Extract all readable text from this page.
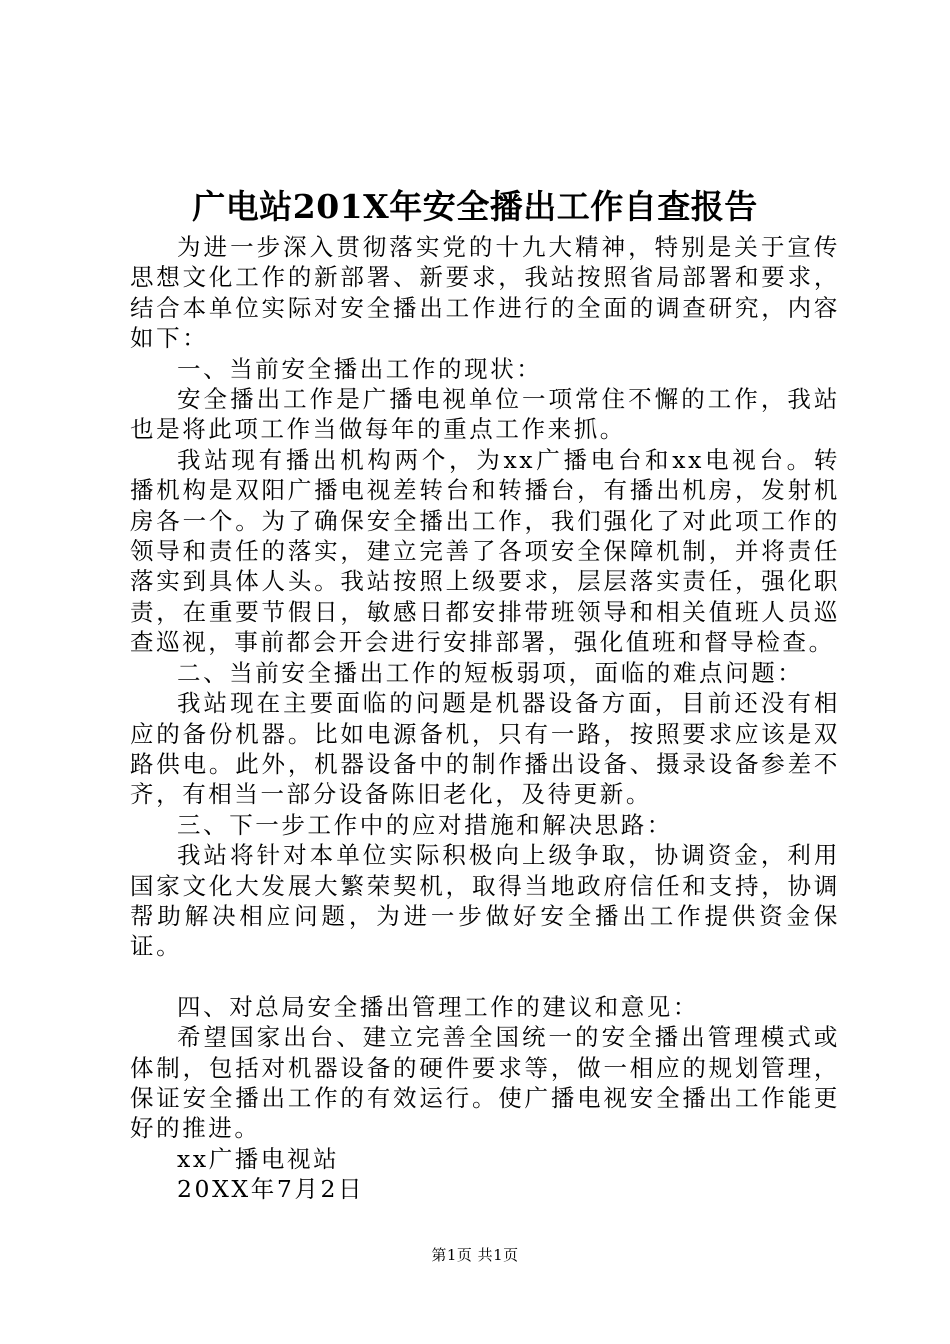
广电站201X年安全播出工作自查报告

为进一步深入贯彻落实党的十九大精神，特别是关于宣传思想文化工作的新部署、新要求，我站按照省局部署和要求，结合本单位实际对安全播出工作进行的全面的调查研究，内容如下：

一、当前安全播出工作的现状：

安全播出工作是广播电视单位一项常住不懈的工作，我站也是将此项工作当做每年的重点工作来抓。

我站现有播出机构两个，为xx广播电台和xx电视台。转播机构是双阳广播电视差转台和转播台，有播出机房，发射机房各一个。为了确保安全播出工作，我们强化了对此项工作的领导和责任的落实，建立完善了各项安全保障机制，并将责任落实到具体人头。我站按照上级要求，层层落实责任，强化职责，在重要节假日，敏感日都安排带班领导和相关值班人员巡查巡视，事前都会开会进行安排部署，强化值班和督导检查。

二、当前安全播出工作的短板弱项，面临的难点问题：

我站现在主要面临的问题是机器设备方面，目前还没有相应的备份机器。比如电源备机，只有一路，按照要求应该是双路供电。此外，机器设备中的制作播出设备、摄录设备参差不齐，有相当一部分设备陈旧老化，及待更新。

三、下一步工作中的应对措施和解决思路：

我站将针对本单位实际积极向上级争取，协调资金，利用国家文化大发展大繁荣契机，取得当地政府信任和支持，协调帮助解决相应问题，为进一步做好安全播出工作提供资金保证。

四、对总局安全播出管理工作的建议和意见：

希望国家出台、建立完善全国统一的安全播出管理模式或体制，包括对机器设备的硬件要求等，做一相应的规划管理，保证安全播出工作的有效运行。使广播电视安全播出工作能更好的推进。

xx广播电视站

20XX年7月2日

第1页 共1页
